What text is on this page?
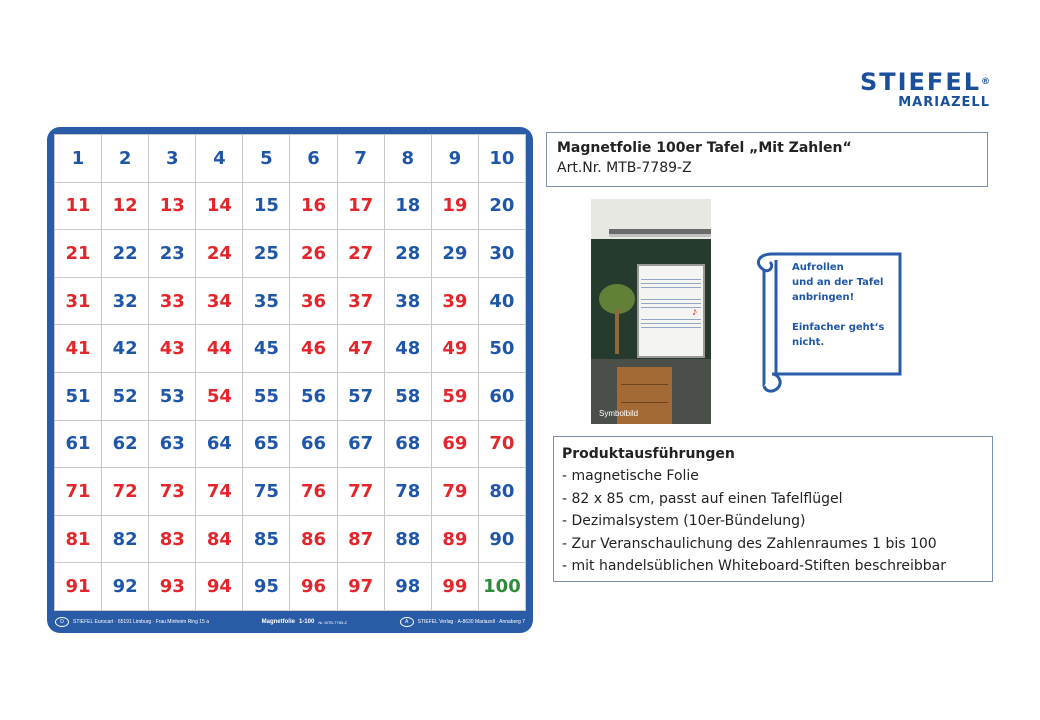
STIEFEL®
MARIAZELL
1	2	3	4	5	6	7	8	9	10
11	12	13	14	15	16	17	18	19	20
21	22	23	24	25	26	27	28	29	30
31	32	33	34	35	36	37	38	39	40
41	42	43	44	45	46	47	48	49	50
51	52	53	54	55	56	57	58	59	60
61	62	63	64	65	66	67	68	69	70
71	72	73	74	75	76	77	78	79	80
81	82	83	84	85	86	87	88	89	90
91	92	93	94	95	96	97	98	99 100
D	STIEFEL Eurocart · 65191 Limburg · Frau Minheim Ring 15 a	Magnetfolie 1-100 Nr. MTB-7789-Z	A	STIEFEL Verlag · A-8630 Mariazell · Annaberg 7
Magnetfolie 100er Tafel „Mit Zahlen“
Art.Nr. MTB-7789-Z
♪
Symbolbild
Aufrollen
und an der Tafel
anbringen!
Einfacher geht‘s
nicht.
Produktausführungen
- magnetische Folie
- 82 x 85 cm, passt auf einen Tafelflügel
- Dezimalsystem (10er-Bündelung)
- Zur Veranschaulichung des Zahlenraumes 1 bis 100
- mit handelsüblichen Whiteboard-Stiften beschreibbar
